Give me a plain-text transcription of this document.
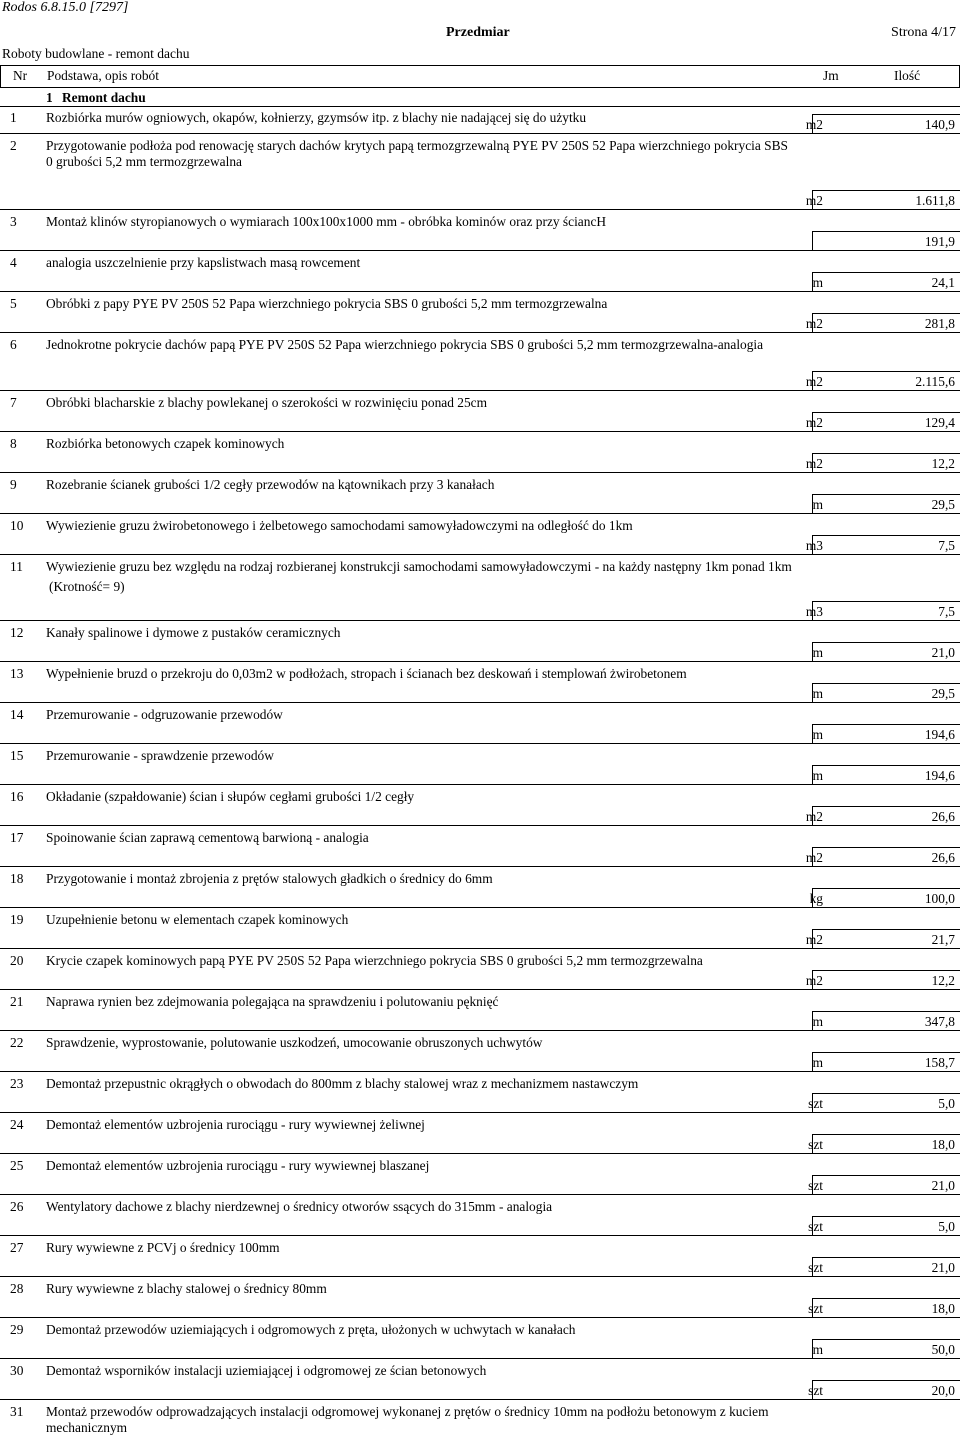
Rodos 6.8.15.0 [7297]
Przedmiar	Strona 4/17
Roboty budowlane - remont dachu
Nr Podstawa, opis robót	Jm	Ilość
1 Remont dachu
1 Rozbiórka murów ogniowych, okapów, kołnierzy, gzymsów itp. z blachy nie nadającej się do użytku	m2	140,9
2 Przygotowanie podłoża pod renowację starych dachów krytych papą termozgrzewalną PYE PV 250S 52 Papa wierzchniego pokrycia SBS 0 grubości 5,2 mm termozgrzewalna
m2	1.611,8
3 Montaż klinów styropianowych o wymiarach 100x100x1000 mm - obróbka kominów oraz przy ściancH
191,9
4 analogia uszczelnienie przy kapslistwach masą rowcement
m	24,1
5 Obróbki z papy PYE PV 250S 52 Papa wierzchniego pokrycia SBS 0 grubości 5,2 mm termozgrzewalna
m2	281,8
6 Jednokrotne pokrycie dachów papą PYE PV 250S 52 Papa wierzchniego pokrycia SBS 0 grubości 5,2 mm termozgrzewalna-analogia
m2	2.115,6
7 Obróbki blacharskie z blachy powlekanej o szerokości w rozwinięciu ponad 25cm
m2	129,4
8 Rozbiórka betonowych czapek kominowych
m2	12,2
9 Rozebranie ścianek grubości 1/2 cegły przewodów na kątownikach przy 3 kanałach
m	29,5
10 Wywiezienie gruzu żwirobetonowego i żelbetowego samochodami samowyładowczymi na odległość do 1km
m3	7,5
11 Wywiezienie gruzu bez względu na rodzaj rozbieranej konstrukcji samochodami samowyładowczymi - na każdy następny 1km ponad 1km
(Krotność= 9)
m3	7,5
12 Kanały spalinowe i dymowe z pustaków ceramicznych
m	21,0
13 Wypełnienie bruzd o przekroju do 0,03m2 w podłożach, stropach i ścianach bez deskowań i stemplowań żwirobetonem
m	29,5
14 Przemurowanie - odgruzowanie przewodów
m	194,6
15 Przemurowanie - sprawdzenie przewodów
m	194,6
16 Okładanie (szpałdowanie) ścian i słupów cegłami grubości 1/2 cegły
m2	26,6
17 Spoinowanie ścian zaprawą cementową barwioną - analogia
m2	26,6
18 Przygotowanie i montaż zbrojenia z prętów stalowych gładkich o średnicy do 6mm
kg	100,0
19 Uzupełnienie betonu w elementach czapek kominowych
m2	21,7
20 Krycie czapek kominowych papą PYE PV 250S 52 Papa wierzchniego pokrycia SBS 0 grubości 5,2 mm termozgrzewalna
m2	12,2
21 Naprawa rynien bez zdejmowania polegająca na sprawdzeniu i polutowaniu pęknięć
m	347,8
22 Sprawdzenie, wyprostowanie, polutowanie uszkodzeń, umocowanie obruszonych uchwytów
m	158,7
23 Demontaż przepustnic okrągłych o obwodach do 800mm z blachy stalowej wraz z mechanizmem nastawczym
szt	5,0
24 Demontaż elementów uzbrojenia rurociągu - rury wywiewnej żeliwnej
szt	18,0
25 Demontaż elementów uzbrojenia rurociągu - rury wywiewnej blaszanej
szt	21,0
26 Wentylatory dachowe z blachy nierdzewnej o średnicy otworów ssących do 315mm - analogia
szt	5,0
27 Rury wywiewne z PCVj o średnicy 100mm
szt	21,0
28 Rury wywiewne z blachy stalowej o średnicy 80mm
szt	18,0
29 Demontaż przewodów uziemiających i odgromowych z pręta, ułożonych w uchwytach w kanałach
m	50,0
30 Demontaż wsporników instalacji uziemiającej i odgromowej ze ścian betonowych
szt	20,0
31 Montaż przewodów odprowadzających instalacji odgromowej wykonanej z prętów o średnicy 10mm na podłożu betonowym z kuciem mechanicznym
